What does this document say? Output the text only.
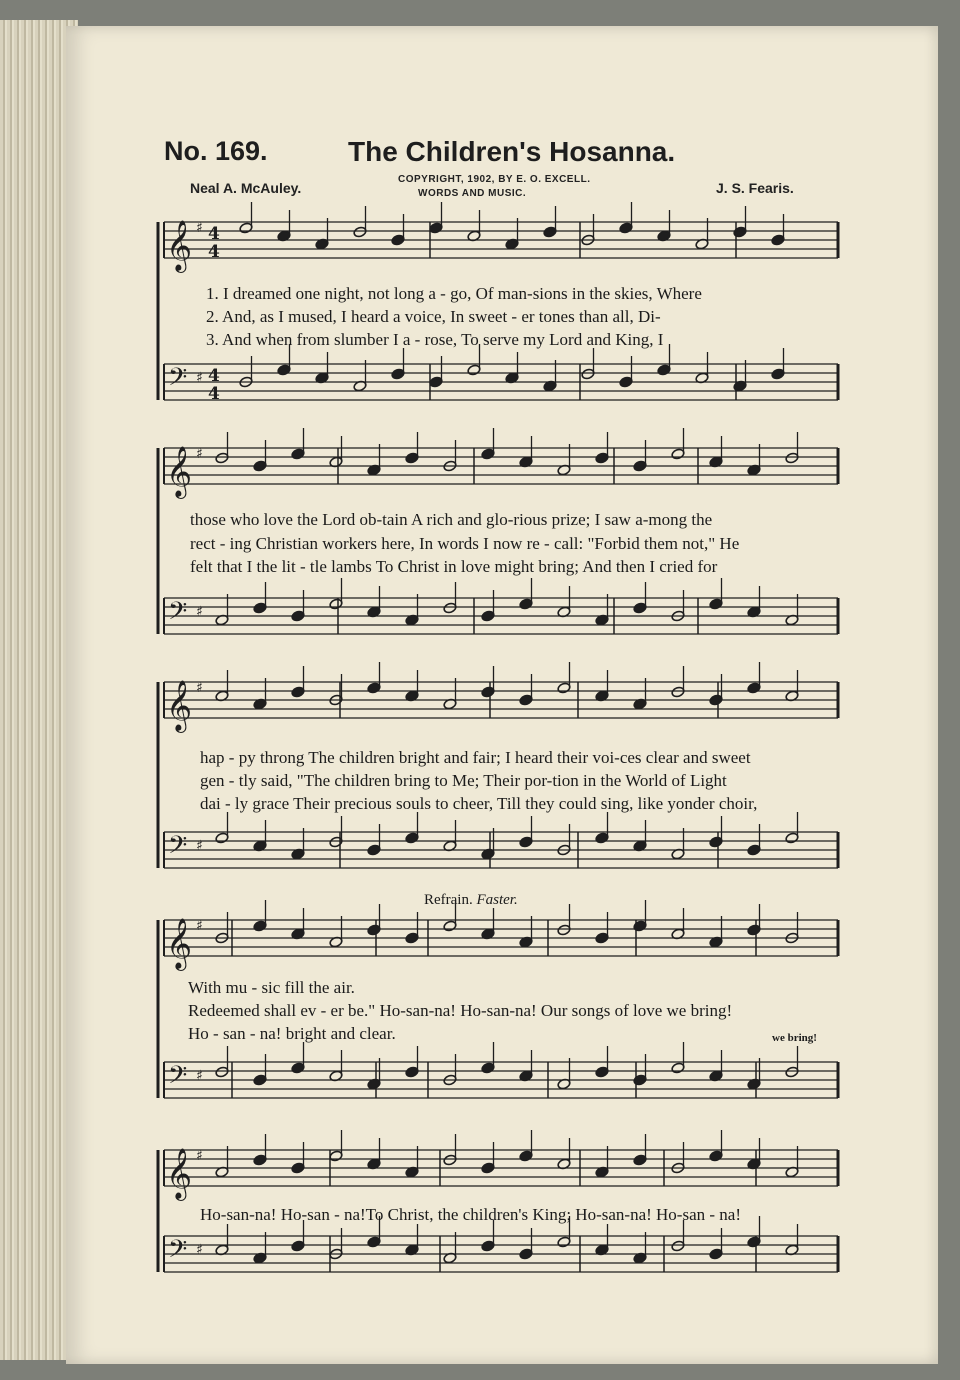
No. 169.	The Children's Hosanna.
Neal A. McAuley.
COPYRIGHT, 1902, BY E. O. EXCELL.
WORDS AND MUSIC.	J. S. Fearis.
𝄞 ♯ 4
4
𝄢 ♯ 4
4
𝄞 ♯
𝄢 ♯
𝄞 ♯
𝄢 ♯
𝄞 ♯
𝄢 ♯
𝄞 ♯
𝄢 ♯
1. I dreamed one night, not long a - go, Of man-sions in the skies, Where
2. And, as I mused, I heard a voice, In sweet - er tones than all, Di-
3. And when from slumber I a - rose, To serve my Lord and King, I
those who love the Lord ob-tain A rich and glo-rious prize; I saw a-mong the
rect - ing Christian workers here, In words I now re - call: "Forbid them not," He
felt that I the lit - tle lambs To Christ in love might bring; And then I cried for
hap - py throng The children bright and fair; I heard their voi-ces clear and sweet
gen - tly said, "The children bring to Me; Their por-tion in the World of Light
dai - ly grace Their precious souls to cheer, Till they could sing, like yonder choir,
Refrain. Faster.
With mu - sic fill the air.
Redeemed shall ev - er be." Ho-san-na! Ho-san-na! Our songs of love we bring!
Ho - san - na! bright and clear.	we bring!
Ho-san-na! Ho-san - na!To Christ, the children's King; Ho-san-na! Ho-san - na!
